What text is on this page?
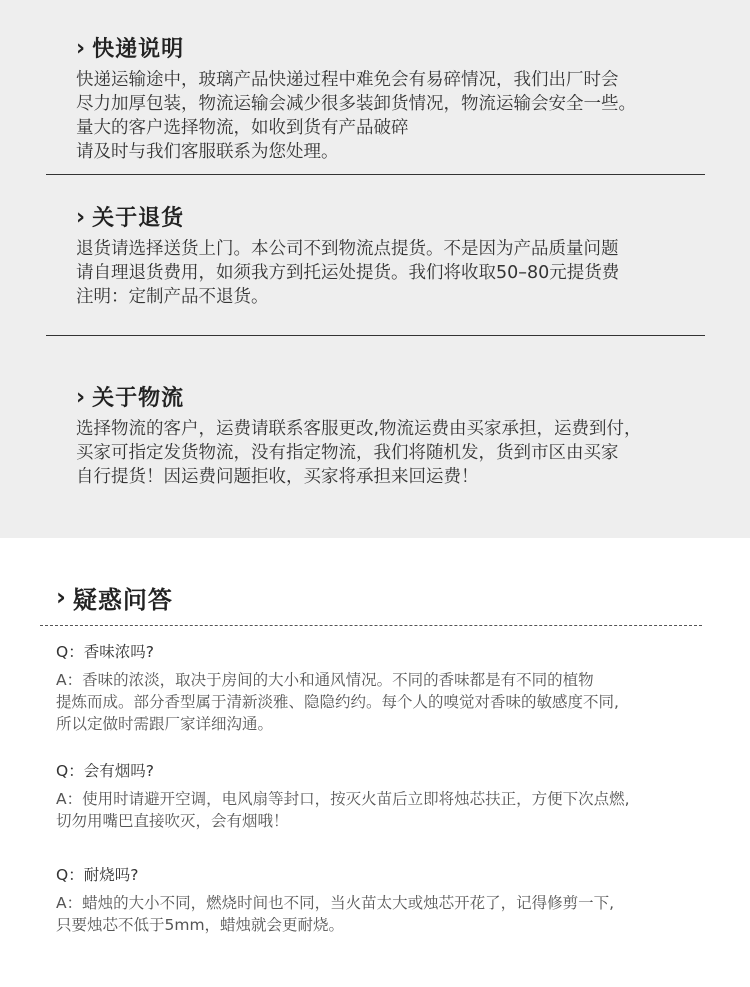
› 快递说明

快递运输途中，玻璃产品快递过程中难免会有易碎情况，我们出厂时会
尽力加厚包装，物流运输会减少很多装卸货情况，物流运输会安全一些。
量大的客户选择物流，如收到货有产品破碎
请及时与我们客服联系为您处理。

› 关于退货

退货请选择送货上门。本公司不到物流点提货。不是因为产品质量问题
请自理退货费用，如须我方到托运处提货。我们将收取50–80元提货费
注明：定制产品不退货。

› 关于物流

选择物流的客户，运费请联系客服更改,物流运费由买家承担，运费到付，
买家可指定发货物流，没有指定物流，我们将随机发，货到市区由买家
自行提货！因运费问题拒收，买家将承担来回运费！

› 疑惑问答
Q：香味浓吗?
A：香味的浓淡，取决于房间的大小和通风情况。不同的香味都是有不同的植物
提炼而成。部分香型属于清新淡雅、隐隐约约。每个人的嗅觉对香味的敏感度不同,
所以定做时需跟厂家详细沟通。
Q：会有烟吗?
A：使用时请避开空调，电风扇等封口，按灭火苗后立即将烛芯扶正，方便下次点燃,
切勿用嘴巴直接吹灭，会有烟哦！
Q：耐烧吗?
A：蜡烛的大小不同，燃烧时间也不同，当火苗太大或烛芯开花了，记得修剪一下,
只要烛芯不低于5mm，蜡烛就会更耐烧。
